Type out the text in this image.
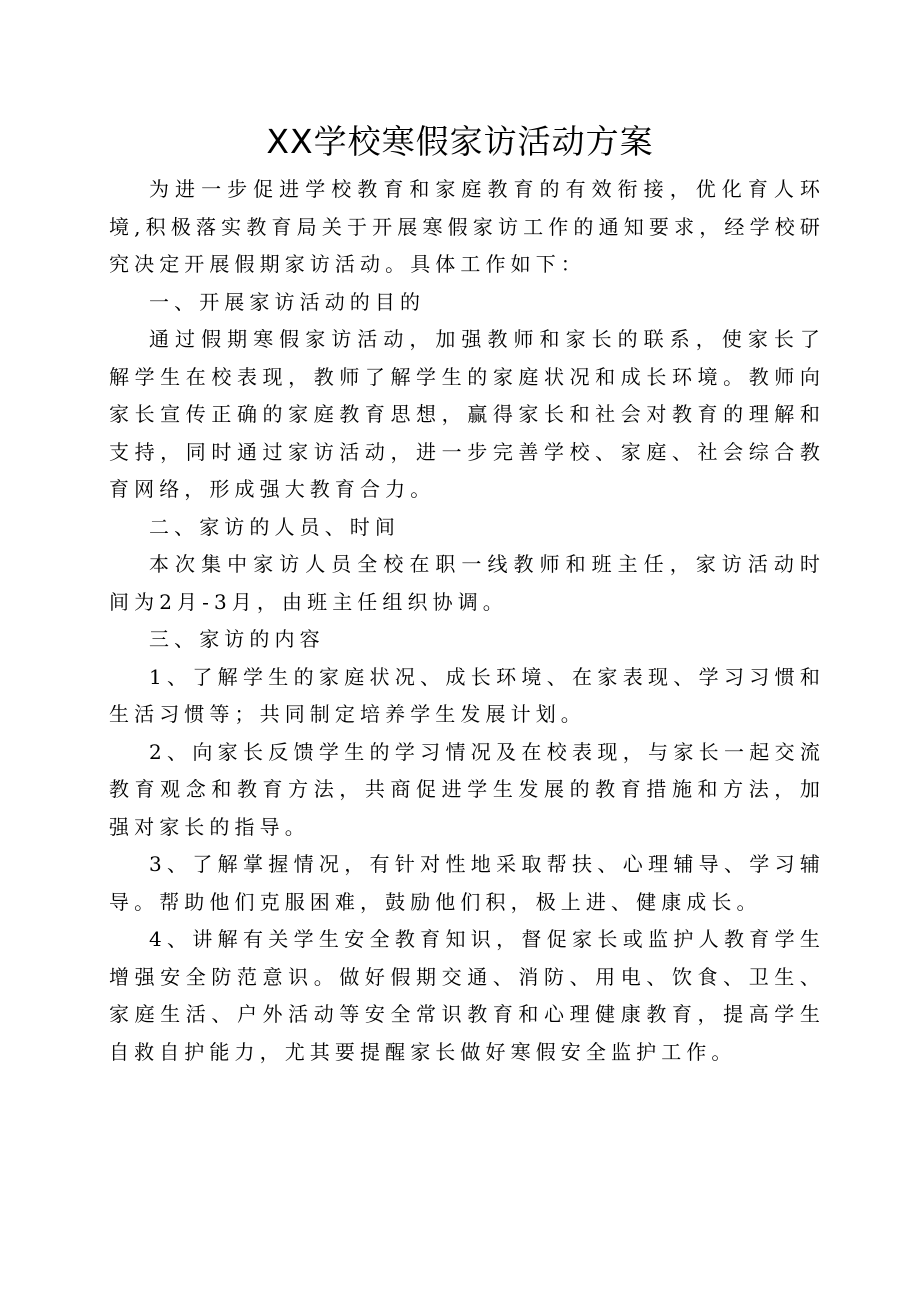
XX学校寒假家访活动方案

为进一步促进学校教育和家庭教育的有效衔接，优化育人环境,积极落实教育局关于开展寒假家访工作的通知要求，经学校研究决定开展假期家访活动。具体工作如下：

一、开展家访活动的目的

通过假期寒假家访活动，加强教师和家长的联系，使家长了解学生在校表现，教师了解学生的家庭状况和成长环境。教师向家长宣传正确的家庭教育思想，赢得家长和社会对教育的理解和支持，同时通过家访活动，进一步完善学校、家庭、社会综合教育网络，形成强大教育合力。

二、家访的人员、时间

本次集中家访人员全校在职一线教师和班主任，家访活动时间为2月-3月，由班主任组织协调。

三、家访的内容

1、了解学生的家庭状况、成长环境、在家表现、学习习惯和生活习惯等；共同制定培养学生发展计划。

2、向家长反馈学生的学习情况及在校表现，与家长一起交流教育观念和教育方法，共商促进学生发展的教育措施和方法，加强对家长的指导。

3、了解掌握情况，有针对性地采取帮扶、心理辅导、学习辅导。帮助他们克服困难，鼓励他们积，极上进、健康成长。

4、讲解有关学生安全教育知识，督促家长或监护人教育学生增强安全防范意识。做好假期交通、消防、用电、饮食、卫生、家庭生活、户外活动等安全常识教育和心理健康教育，提高学生自救自护能力，尤其要提醒家长做好寒假安全监护工作。
